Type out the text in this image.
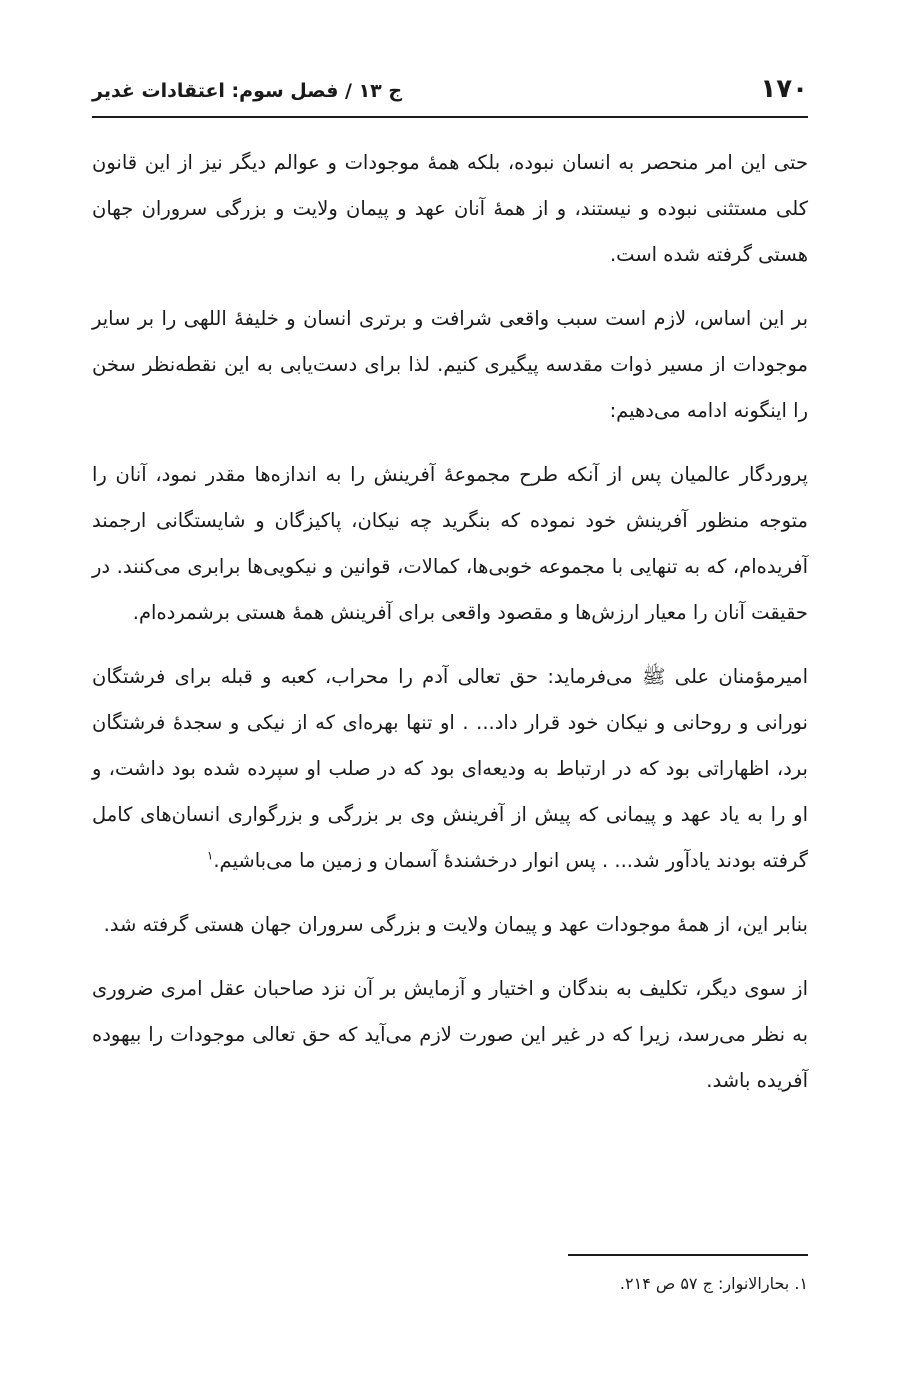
۱۷۰
ج ۱۳ / فصل سوم: اعتقادات غدیر

حتی این امر منحصر به انسان نبوده، بلکه همهٔ موجودات و عوالم دیگر نیز از این قانون کلی مستثنی نبوده و نیستند، و از همهٔ آنان عهد و پیمان ولایت و بزرگی سروران جهان هستی گرفته شده است.

بر این اساس، لازم است سبب واقعی شرافت و برتری انسان و خلیفهٔ اللهی را بر سایر موجودات از مسیر ذوات مقدسه پیگیری کنیم. لذا برای دست‌یابی به این نقطه‌نظر سخن را اینگونه ادامه می‌دهیم:

پروردگار عالمیان پس از آنکه طرح مجموعهٔ آفرینش را به اندازه‌ها مقدر نمود، آنان را متوجه منظور آفرینش خود نموده که بنگرید چه نیکان، پاکیزگان و شایستگانی ارجمند آفریده‌ام، که به تنهایی با مجموعه خوبی‌ها، کمالات، قوانین و نیکویی‌ها برابری می‌کنند. در حقیقت آنان را معیار ارزش‌ها و مقصود واقعی برای آفرینش همهٔ هستی برشمرده‌ام.

امیرمؤمنان علی ﷺ می‌فرماید: حق تعالی آدم را محراب، کعبه و قبله برای فرشتگان نورانی و روحانی و نیکان خود قرار داد... . او تنها بهره‌ای که از نیکی و سجدهٔ فرشتگان برد، اظهاراتی بود که در ارتباط به ودیعه‌ای بود که در صلب او سپرده شده بود داشت، و او را به یاد عهد و پیمانی که پیش از آفرینش وی بر بزرگی و بزرگواری انسان‌های کامل گرفته بودند یادآور شد... . پس انوار درخشندهٔ آسمان و زمین ما می‌باشیم.$^۱$

بنابر این، از همهٔ موجودات عهد و پیمان ولایت و بزرگی سروران جهان هستی گرفته شد.

از سوی دیگر، تکلیف به بندگان و اختیار و آزمایش بر آن نزد صاحبان عقل امری ضروری به نظر می‌رسد، زیرا که در غیر این صورت لازم می‌آید که حق تعالی موجودات را بیهوده آفریده باشد.

۱. بحارالانوار: ج ۵۷ ص ۲۱۴.
